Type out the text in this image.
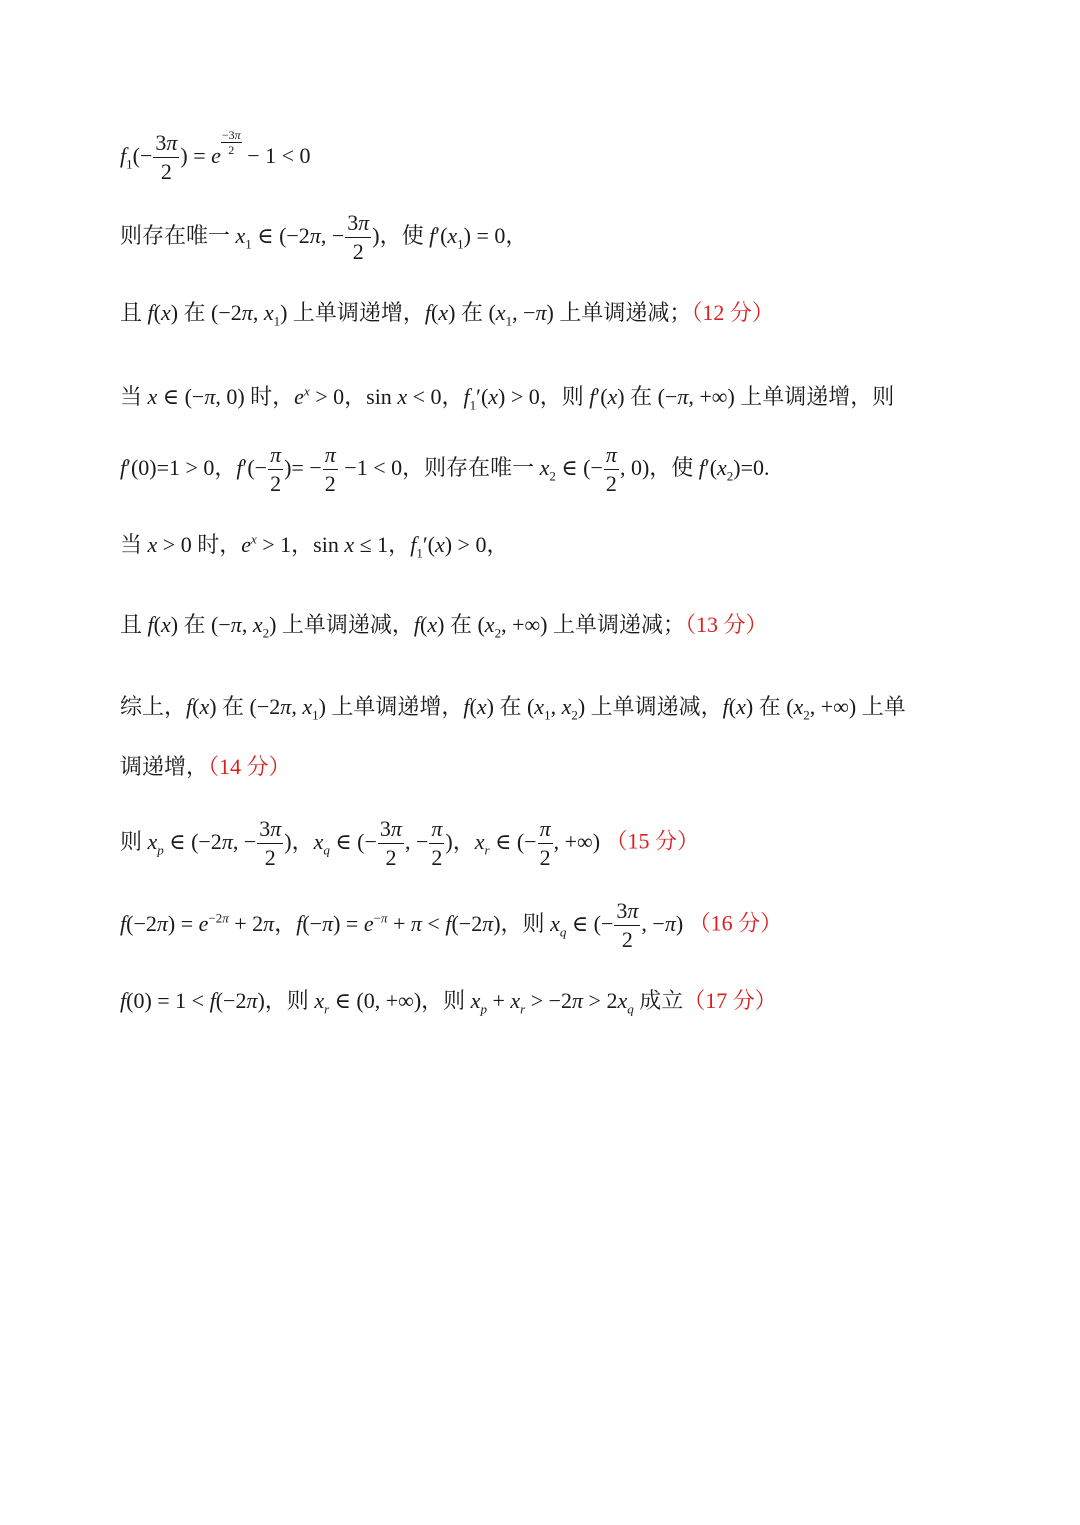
$f_1(- \frac{3\pi}{2}$ ) = e $\frac{-3\pi}{2} - 1 < 0$
则存在唯一 $x_1$ ∈ (−2π, − $\frac{3\pi}{2}$ )，使 $f'(x_1) = 0$，
且 f(x) 在 (−2π, $x_1$) 上单调递增，f(x) 在 ($x_1$, −π) 上单调递减；（12 分）
当 x ∈ (−π, 0) 时，$e^x > 0$，sin x < 0，$f_1'(x) > 0$，则 f′(x) 在 (−π, +∞) 上单调递增，则
f′(0)=1 > 0，$f'(- \frac{\pi}{2}$ )= − $\frac{\pi}{2} -1 < 0$，则存在唯一 $x_2$ ∈ (− $\frac{\pi}{2}$ , 0)，使 $f'(x_2)=0$.
当 x > 0 时，$e^x > 1$，sin x ≤ 1，$f_1'(x) > 0$，
且 f(x) 在 (−π, $x_2$) 上单调递减，f(x) 在 ($x_2$, +∞) 上单调递减；（13 分）
综上，f(x) 在 (−2π, $x_1$) 上单调递增，f(x) 在 ($x_1$, $x_2$) 上单调递减，f(x) 在 ($x_2$, +∞) 上单
调递增，（14 分）
则 $x_p$ ∈ (−2π, − $\frac{3\pi}{2}$ )，$x_q$ ∈ (− $\frac{3\pi}{2}$ , − $\frac{\pi}{2}$ )，$x_r$ ∈ (− $\frac{\pi}{2}$ , +∞) （15 分）
$f(-2\pi) = e^{-2\pi} + 2\pi$，$f(-\pi) = e^{-\pi} + \pi < f(-2\pi)$，则 $x_q$ ∈ (− $\frac{3\pi}{2}$ , −π) （16 分）
f(0) = 1 < f(−2π)，则 $x_r$ ∈ (0, +∞)，则 $x_p + x_r > -2\pi > 2x_q$ 成立（17 分）
